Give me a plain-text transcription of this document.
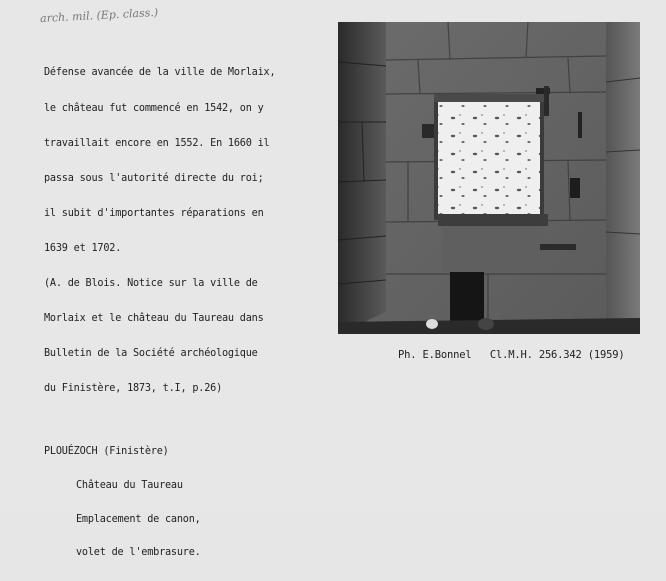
arch. mil. (Ep. class.)

Défense avancée de la ville de Morlaix,

le château fut commencé en 1542, on y

travaillait encore en 1552. En 1660 il

passa sous l'autorité directe du roi;

il subit d'importantes réparations en

1639 et 1702.

(A. de Blois. Notice sur la ville de

Morlaix et le château du Taureau dans

Bulletin de la Société archéologique

du Finistère, 1873, t.I, p.26)

Ph. E.Bonnel Cl.M.H. 256.342 (1959)

PLOUÉZOCH (Finistère)

Château du Taureau

Emplacement de canon,

volet de l'embrasure.
